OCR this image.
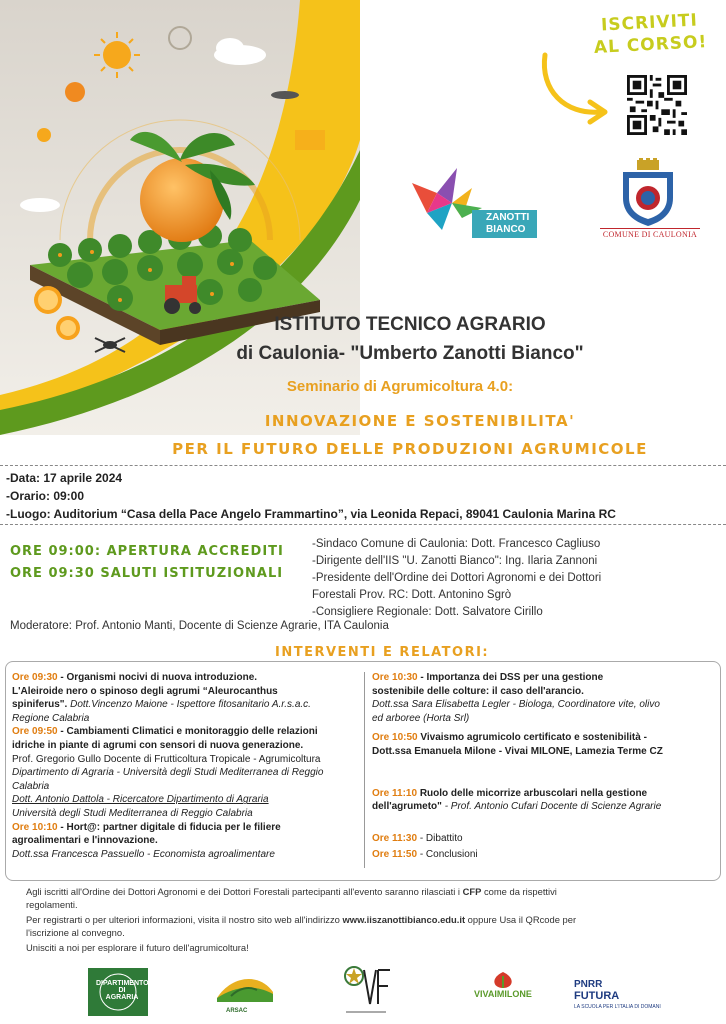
ISCRIVITI
AL CORSO!
ZANOTTI
BIANCO	COMUNE DI CAULONIA
ISTITUTO TECNICO AGRARIO
di Caulonia- "Umberto Zanotti Bianco"
Seminario di Agrumicoltura 4.0:
INNOVAZIONE E SOSTENIBILITA'
PER IL FUTURO DELLE PRODUZIONI AGRUMICOLE
-Data: 17 aprile 2024
-Orario: 09:00
-Luogo: Auditorium “Casa della Pace Angelo Frammartino”, via Leonida Repaci, 89041 Caulonia Marina RC
ORE 09:00: APERTURA ACCREDITI
ORE 09:30 SALUTI ISTITUZIONALI
-Sindaco Comune di Caulonia: Dott. Francesco Cagliuso
-Dirigente dell'IIS "U. Zanotti Bianco": Ing. Ilaria Zannoni
-Presidente dell'Ordine dei Dottori Agronomi e dei Dottori
Forestali Prov. RC: Dott. Antonino Sgrò
-Consigliere Regionale: Dott. Salvatore Cirillo
Moderatore: Prof. Antonio Manti, Docente di Scienze Agrarie, ITA Caulonia
INTERVENTI E RELATORI:
Ore 09:30 - Organismi nocivi di nuova introduzione.
L'Aleiroide nero o spinoso degli agrumi “Aleurocanthus
spiniferus". Dott.Vincenzo Maione - Ispettore fitosanitario A.r.s.a.c.
Regione Calabria
Ore 09:50 - Cambiamenti Climatici e monitoraggio delle relazioni
idriche in piante di agrumi con sensori di nuova generazione.
Prof. Gregorio Gullo Docente di Frutticoltura Tropicale - Agrumicoltura
Dipartimento di Agraria - Università degli Studi Mediterranea di Reggio
Calabria
Dott. Antonio Dattola - Ricercatore Dipartimento di Agraria
Università degli Studi Mediterranea di Reggio Calabria
Ore 10:10 - Hort@: partner digitale di fiducia per le filiere
agroalimentari e l'innovazione.
Dott.ssa Francesca Passuello - Economista agroalimentare
Ore 10:30 - Importanza dei DSS per una gestione
sostenibile delle colture: il caso dell'arancio.
Dott.ssa Sara Elisabetta Legler - Biologa, Coordinatore vite, olivo
ed arboree (Horta Srl)
Ore 10:50 Vivaismo agrumicolo certificato e sostenibilità -
Dott.ssa Emanuela Milone - Vivai MILONE, Lamezia Terme CZ
Ore 11:10 Ruolo delle micorrize arbuscolari nella gestione
dell'agrumeto" - Prof. Antonio Cufari Docente di Scienze Agrarie
Ore 11:30 - Dibattito
Ore 11:50 - Conclusioni
Agli iscritti all'Ordine dei Dottori Agronomi e dei Dottori Forestali partecipanti all'evento saranno rilasciati i CFP come da rispettivi
regolamenti.
Per registrarti o per ulteriori informazioni, visita il nostro sito web all'indirizzo www.iiszanottibianco.edu.it oppure Usa il QRcode per
l'iscrizione al convegno.
Unisciti a noi per esplorare il futuro dell'agrumicoltura!
DIPARTIMENTO DI
AGRARIA
ARSAC
VIVAIMILONE
PNRR
FUTURA
LA SCUOLA PER L'ITALIA DI DOMANI
